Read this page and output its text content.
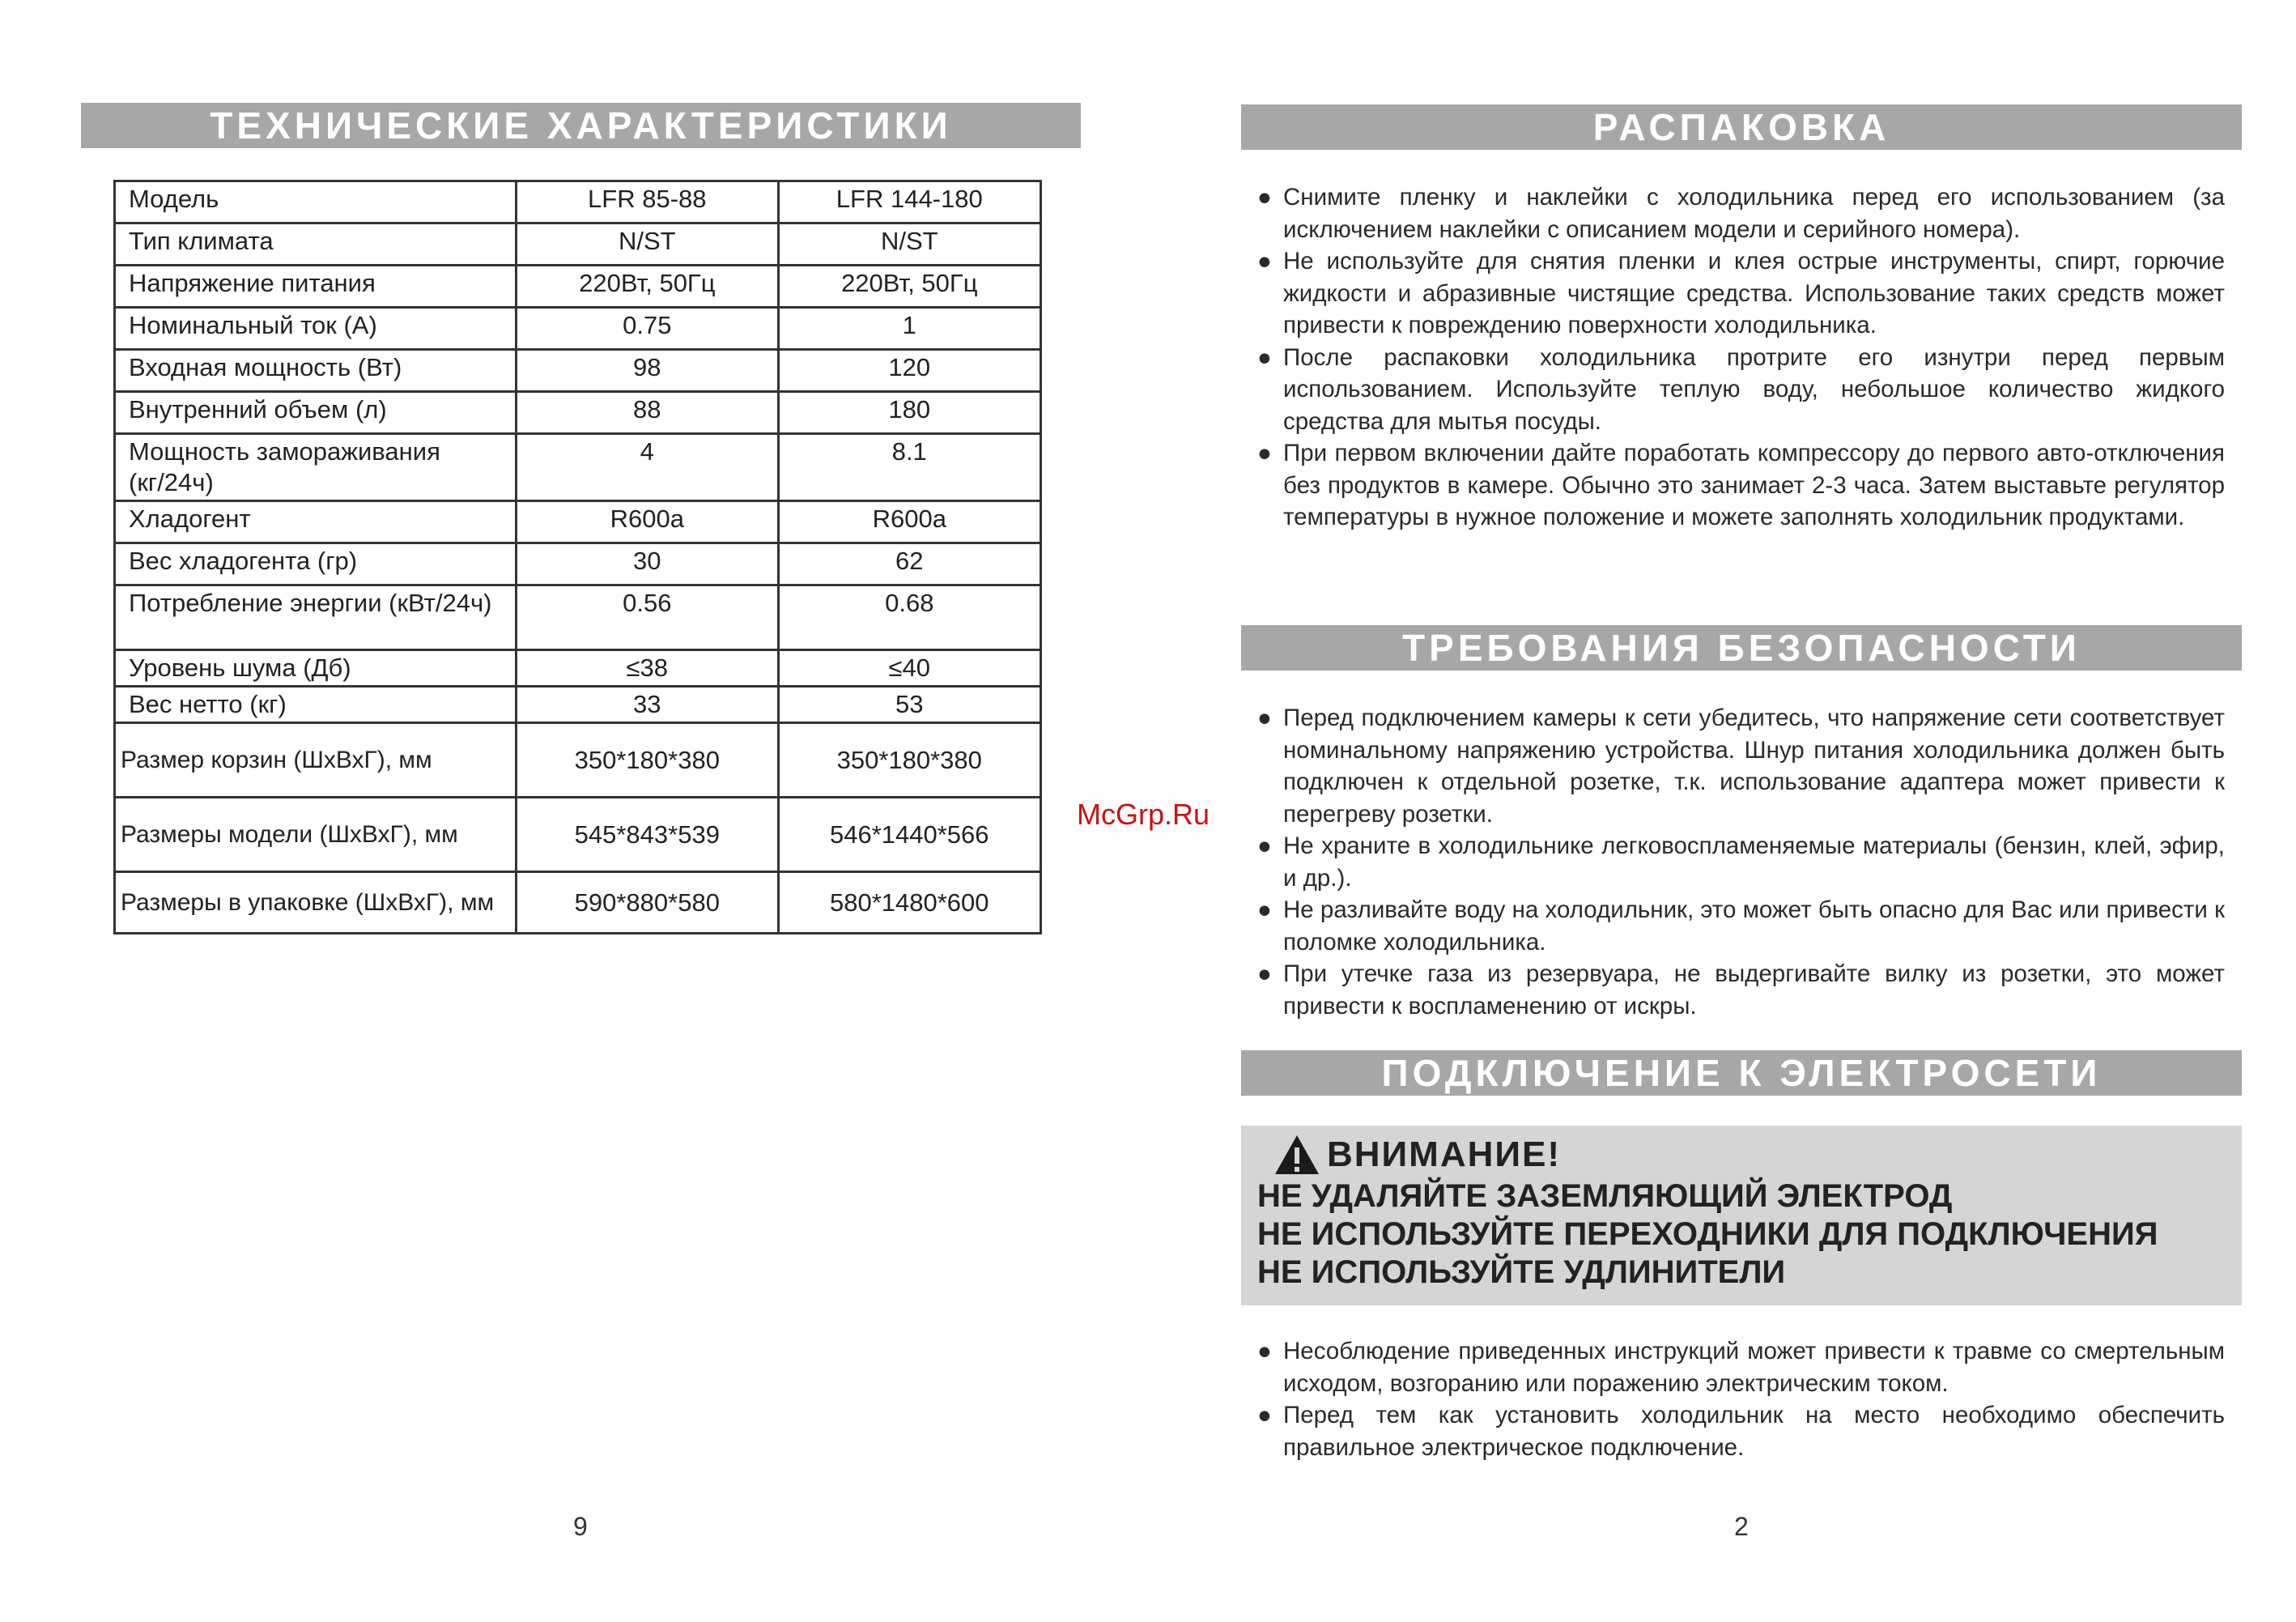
ТЕХНИЧЕСКИЕ ХАРАКТЕРИСТИКИ
Модель	LFR 85-88	LFR 144-180
Тип климата	N/ST	N/ST
Напряжение питания	220Вт, 50Гц	220Вт, 50Гц
Номинальный ток (А)	0.75	1
Входная мощность (Вт)	98	120
Внутренний объем (л)	88	180
Мощность замораживания (кг/24ч)	4	8.1
Хладогент	R600a	R600a
Вес хладогента (гр)	30	62
Потребление энергии (кВт/24ч)	0.56	0.68
Уровень шума (Дб)	≤38	≤40
Вес нетто (кг)	33	53
Размер корзин (ШхВхГ), мм	350*180*380	350*180*380
Размеры модели (ШхВхГ), мм	545*843*539	546*1440*566
Размеры в упаковке (ШхВхГ), мм	590*880*580	580*1480*600
9
РАСПАКОВКА
● Снимите пленку и наклейки с холодильника перед его использованием (за исключением наклейки с описанием модели и серийного номера).
● Не используйте для снятия пленки и клея острые инструменты, спирт, горючие жидкости и абразивные чистящие средства. Использование таких средств может привести к повреждению поверхности холодильника.
● После распаковки холодильника протрите его изнутри перед первым использованием. Используйте теплую воду, небольшое количество жидкого средства для мытья посуды.
● При первом включении дайте поработать компрессору до первого авто-отключения без продуктов в камере. Обычно это занимает 2-3 часа. Затем выставьте регулятор температуры в нужное положение и можете заполнять холодильник продуктами.
ТРЕБОВАНИЯ БЕЗОПАСНОСТИ
● Перед подключением камеры к сети убедитесь, что напряжение сети соответствует номинальному напряжению устройства. Шнур питания холодильника должен быть подключен к отдельной розетке, т.к. использование адаптера может привести к перегреву розетки.
● Не храните в холодильнике легковоспламеняемые материалы (бензин, клей, эфир, и др.).
● Не разливайте воду на холодильник, это может быть опасно для Вас или привести к поломке холодильника.
● При утечке газа из резервуара, не выдергивайте вилку из розетки, это может привести к воспламенению от искры.
ПОДКЛЮЧЕНИЕ К ЭЛЕКТРОСЕТИ
ВНИМАНИЕ!
НЕ УДАЛЯЙТЕ ЗАЗЕМЛЯЮЩИЙ ЭЛЕКТРОД
НЕ ИСПОЛЬЗУЙТЕ ПЕРЕХОДНИКИ ДЛЯ ПОДКЛЮЧЕНИЯ
НЕ ИСПОЛЬЗУЙТЕ УДЛИНИТЕЛИ
● Несоблюдение приведенных инструкций может привести к травме со смертельным исходом, возгоранию или поражению электрическим током.
● Перед тем как установить холодильник на место необходимо обеспечить правильное электрическое подключение.
2
McGrp.Ru
